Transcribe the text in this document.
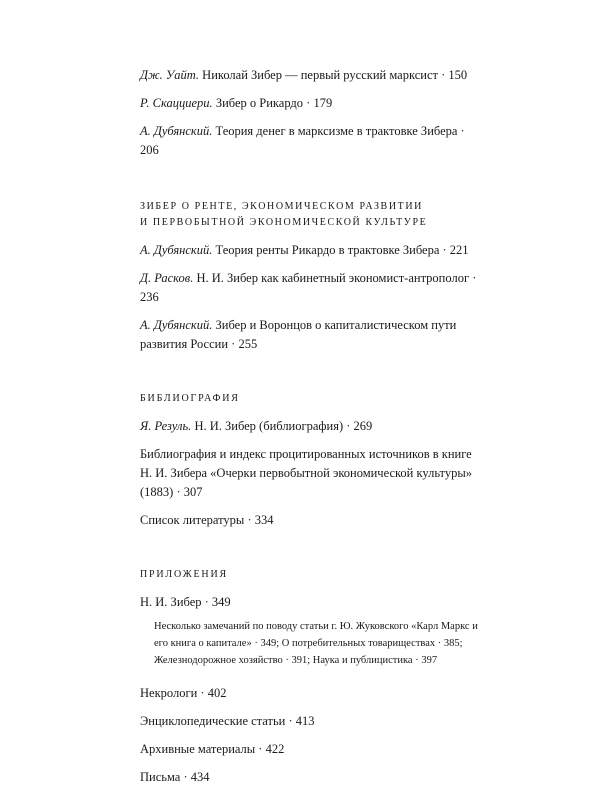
Дж. Уайт. Николай Зибер — первый русский марксист · 150

Р. Скацциери. Зибер о Рикардо · 179

А. Дубянский. Теория денег в марксизме в трактовке Зибера · 206

ЗИБЕР О РЕНТЕ, ЭКОНОМИЧЕСКОМ РАЗВИТИИ
И ПЕРВОБЫТНОЙ ЭКОНОМИЧЕСКОЙ КУЛЬТУРЕ

А. Дубянский. Теория ренты Рикардо в трактовке Зибера · 221

Д. Расков. Н. И. Зибер как кабинетный экономист-антрополог · 236

А. Дубянский. Зибер и Воронцов о капиталистическом пути развития России · 255

БИБЛИОГРАФИЯ

Я. Резуль. Н. И. Зибер (библиография) · 269

Библиография и индекс процитированных источников в книге Н. И. Зибера «Очерки первобытной экономической культуры» (1883) · 307

Список литературы · 334

ПРИЛОЖЕНИЯ

Н. И. Зибер · 349

Несколько замечаний по поводу статьи г. Ю. Жуковского «Карл Маркс и его книга о капитале» · 349; О потребительных товариществах · 385; Железнодорожное хозяйство · 391; Наука и публицистика · 397

Некрологи · 402

Энциклопедические статьи · 413

Архивные материалы · 422

Письма · 434
